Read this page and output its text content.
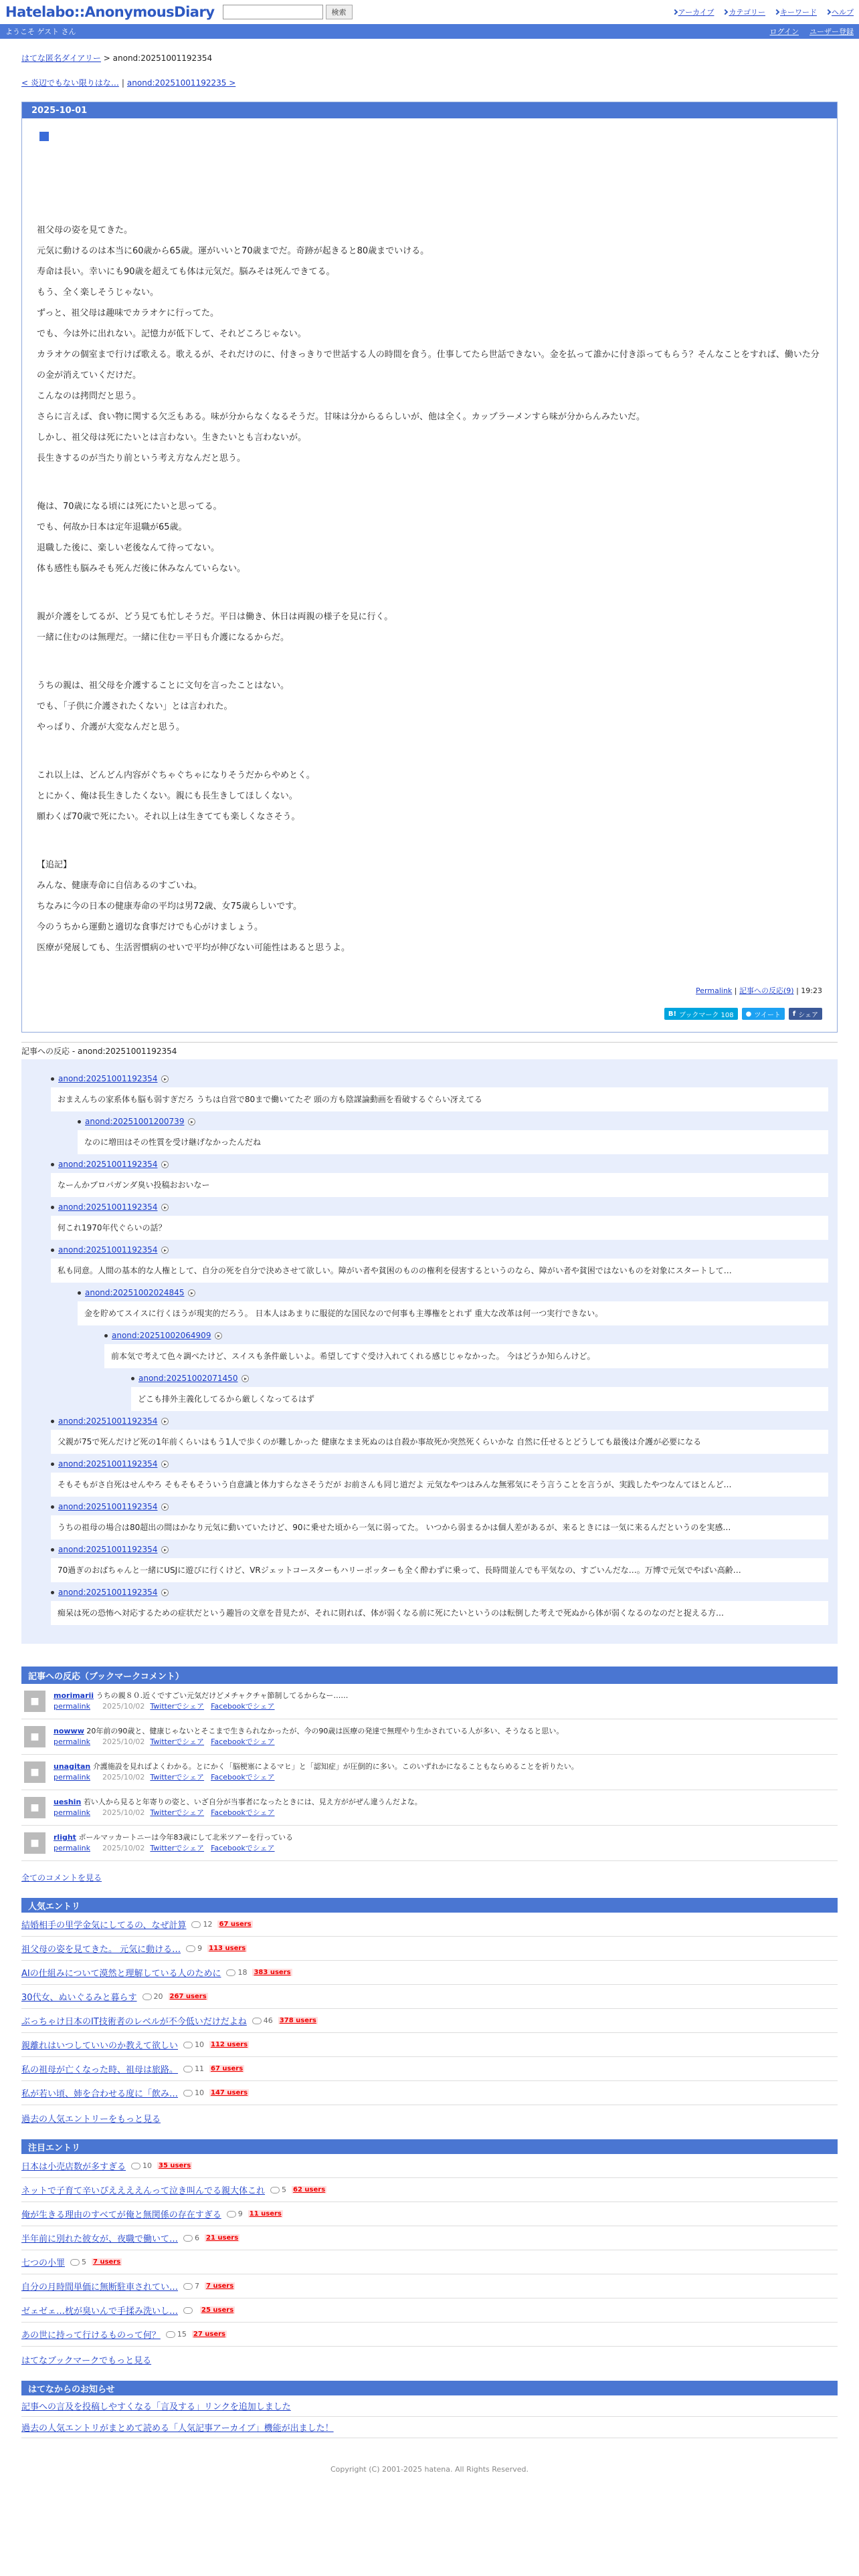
Hatelabo::AnonymousDiary	検索	アーカイブ カテゴリー キーワード ヘルプ
ようこそ ゲスト さん	ログイン ユーザー登録
はてな匿名ダイアリー > anond:20251001192354
< 炎辺でもない限りはな… | anond:20251001192235 >
2025-10-01
祖父母の姿を見てきた。
元気に動けるのは本当に60歳から65歳。運がいいと70歳までだ。奇跡が起きると80歳までいける。
寿命は長い。幸いにも90歳を超えても体は元気だ。脳みそは死んできてる。
もう、全く楽しそうじゃない。
ずっと、祖父母は趣味でカラオケに行ってた。
でも、今は外に出れない。記憶力が低下して、それどころじゃない。
カラオケの個室まで行けば歌える。歌えるが、それだけのに、付きっきりで世話する人の時間を食う。仕事してたら世話できない。金を払って誰かに付き添ってもらう？そんなことをすれば、働いた分の金が消えていくだけだ。
こんなのは拷問だと思う。
さらに言えば、食い物に関する欠乏もある。味が分からなくなるそうだ。甘味は分からるらしいが、他は全く。カップラーメンすら味が分からんみたいだ。
しかし、祖父母は死にたいとは言わない。生きたいとも言わないが。
長生きするのが当たり前という考え方なんだと思う。
俺は、70歳になる頃には死にたいと思ってる。
でも、何故か日本は定年退職が65歳。
退職した後に、楽しい老後なんて待ってない。
体も感性も脳みそも死んだ後に休みなんていらない。
親が介護をしてるが、どう見ても忙しそうだ。平日は働き、休日は両親の様子を見に行く。
一緒に住むのは無理だ。一緒に住む＝平日も介護になるからだ。
うちの親は、祖父母を介護することに文句を言ったことはない。
でも、「子供に介護されたくない」とは言われた。
やっぱり、介護が大変なんだと思う。
これ以上は、どんどん内容がぐちゃぐちゃになりそうだからやめとく。
とにかく、俺は長生きしたくない。親にも長生きしてほしくない。
願わくば70歳で死にたい。それ以上は生きてても楽しくなさそう。
【追記】
みんな、健康寿命に自信あるのすごいね。
ちなみに今の日本の健康寿命の平均は男72歳、女75歳らしいです。
今のうちから運動と適切な食事だけでも心がけましょう。
医療が発展しても、生活習慣病のせいで平均が伸びない可能性はあると思うよ。
Permalink | 記事への反応(9) | 19:23
B! ブックマーク 108 ● ツイート f シェア
記事への反応 - anond:20251001192354
anond:20251001192354	▸
おまえんちの家系体も脳も弱すぎだろ うちは自営で80まで働いてたぞ 頭の方も陰謀論動画を看破するぐらい冴えてる
anond:20251001200739	▸
なのに増田はその性質を受け継げなかったんだね
anond:20251001192354	▸
なーんかプロパガンダ臭い投稿おおいなー
anond:20251001192354	▸
何これ1970年代ぐらいの話？
anond:20251001192354	▸
私も同意。人間の基本的な人権として、自分の死を自分で決めさせて欲しい。障がい者や貧困のものの権利を侵害するというのなら、障がい者や貧困ではないものを対象にスタートして…
anond:20251002024845	▸
金を貯めてスイスに行くほうが現実的だろう。 日本人はあまりに服従的な国民なので何事も主導権をとれず 重大な改革は何一つ実行できない。
anond:20251002064909	▸
前本気で考えて色々調べたけど、スイスも条件厳しいよ。希望してすぐ受け入れてくれる感じじゃなかった。 今はどうか知らんけど。
anond:20251002071450	▸
どこも排外主義化してるから厳しくなってるはず
anond:20251001192354	▸
父親が75で死んだけど死の1年前くらいはもう1人で歩くのが難しかった 健康なまま死ぬのは自殺か事故死か突然死くらいかな 自然に任せるとどうしても最後は介護が必要になる
anond:20251001192354	▸
そもそもがさ自死はせんやろ そもそもそういう自意識と体力すらなさそうだが お前さんも同じ道だよ 元気なやつはみんな無邪気にそう言うことを言うが、実践したやつなんてほとんど…
anond:20251001192354	▸
うちの祖母の場合は80超出の間はかなり元気に動いていたけど、90に乗せた頃から一気に弱ってた。 いつから弱まるかは個人差があるが、来るときには一気に来るんだというのを実感…
anond:20251001192354	▸
70過ぎのおばちゃんと一緒にUSJに遊びに行くけど、VRジェットコースターもハリーポッターも全く酔わずに乗って、長時間並んでも平気なの、すごいんだな…。万博で元気でやばい高齢…
anond:20251001192354	▸
痴呆は死の恐怖へ対応するための症状だという趣旨の文章を昔見たが、それに則れば、体が弱くなる前に死にたいというのは転倒した考えで死ぬから体が弱くなるのなのだと捉える方…
記事への反応（ブックマークコメント）
■
morimarii うちの親８０.近くですごい元気だけどメチャクチャ節制してるからなー……
permalink 2025/10/02 Twitterでシェア Facebookでシェア
■
nowww 20年前の90歳と、健康じゃないとそこまで生きられなかったが、今の90歳は医療の発達で無理やり生かされている人が多い、そうなると思い。
permalink 2025/10/02 Twitterでシェア Facebookでシェア
■
unagitan 介護施設を見ればよくわかる。とにかく「脳梗塞によるマヒ」と「認知症」が圧倒的に多い。このいずれかになることもならめることを祈りたい。
permalink 2025/10/02 Twitterでシェア Facebookでシェア
■
ueshin 若い人から見ると年寄りの姿と、いざ自分が当事者になったときには、見え方ががぜん違うんだよな。
permalink 2025/10/02 Twitterでシェア Facebookでシェア
■
rlight ポールマッカートニーは今年83歳にして北米ツアーを行っている
permalink 2025/10/02 Twitterでシェア Facebookでシェア
全てのコメントを見る
人気エントリ
結婚相手の里学金気にしてるの、なぜ計算 12 67 users
祖父母の姿を見てきた。 元気に動ける… 9 113 users
AIの仕組みについて漠然と理解している人のために 18 383 users
30代女、ぬいぐるみと暮らす 20 267 users
ぶっちゃけ日本のIT技術者のレベルが不今低いだけだよね 46 378 users
親離れはいつしていいのか教えて欲しい 10 112 users
私の祖母が亡くなった時、祖母は旅路。 11 67 users
私が若い頃、姉を合わせる度に「飲み… 10 147 users
過去の人気エントリーをもっと見る
注目エントリ
日本は小売店数が多すぎる 10 35 users
ネットで子育て辛いぴええええんって泣き叫んでる親大体これ 5 62 users
俺が生きる理由のすべてが俺と無関係の存在すぎる 9 11 users
半年前に別れた彼女が、夜職で働いて… 6 21 users
七つの小罪 5 7 users
自分の月時間単価に無断駐車されてい… 7 7 users
ゼェゼェ…枕が臭いんで手揉み洗いし…	25 users
あの世に持って行けるものって何？ 15 27 users
はてなブックマークでもっと見る
はてなからのお知らせ
記事への言及を投稿しやすくなる「言及する」リンクを追加しました
過去の人気エントリがまとめて読める「人気記事アーカイブ」機能が出ました！
Copyright (C) 2001-2025 hatena. All Rights Reserved.
